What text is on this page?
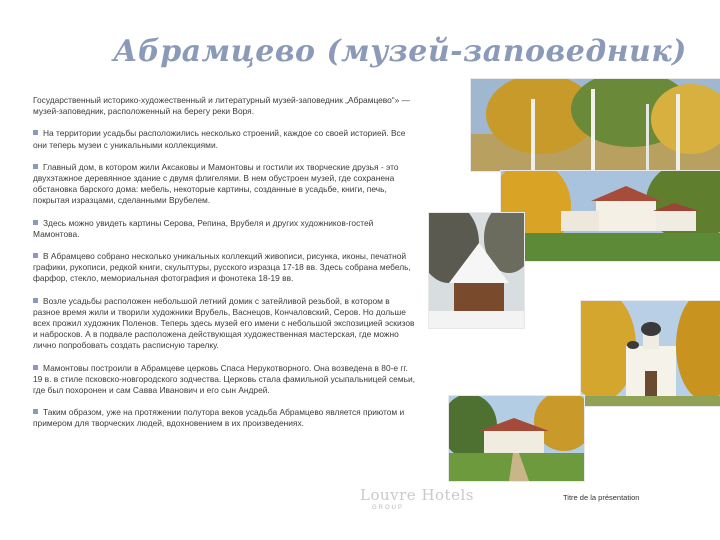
Абрамцево (музей-заповедник)

Государственный историко-художественный и литературный музей-заповедник „Абрамцево“» — музей-заповедник, расположенный на берегу реки Воря.

На территории усадьбы расположились несколько строений, каждое со своей историей. Все они теперь музеи с уникальными коллекциями.

Главный дом, в котором жили Аксаковы и Мамонтовы и гостили их творческие друзья - это двухэтажное деревянное здание с двумя флигелями. В нем обустроен музей, где сохранена обстановка барского дома: мебель, некоторые картины, созданные в усадьбе, книги, печь, покрытая изразцами, сделанными Врубелем.

Здесь можно увидеть картины Серова, Репина, Врубеля и других художников-гостей Мамонтова.

В Абрамцево собрано несколько уникальных коллекций живописи, рисунка, иконы, печатной графики, рукописи, редкой книги, скульптуры, русского изразца 17-18 вв. Здесь собрана мебель, фарфор, стекло, мемориальная фотография и фонотека 18-19 вв.

Возле усадьбы расположен небольшой летний домик с затейливой резьбой, в котором в разное время жили и творили художники Врубель, Васнецов, Кончаловский, Серов. Но дольше всех прожил художник Поленов. Теперь здесь музей его имени с небольшой экспозицией эскизов и набросков. А в подвале расположена действующая художественная мастерская, где можно лично попробовать создать расписную тарелку.

Мамонтовы построили в Абрамцеве церковь Спаса Нерукотворного. Она возведена в 80-е гг. 19 в. в стиле псковско-новгородского зодчества. Церковь стала фамильной усыпальницей семьи, где был похоронен и сам Савва Иванович и его сын Андрей.

Таким образом, уже на протяжении полутора веков усадьба Абрамцево является приютом и примером для творческих людей, вдохновением в их произведениях.

Louvre Hotels
GROUP
Titre de la présentation
